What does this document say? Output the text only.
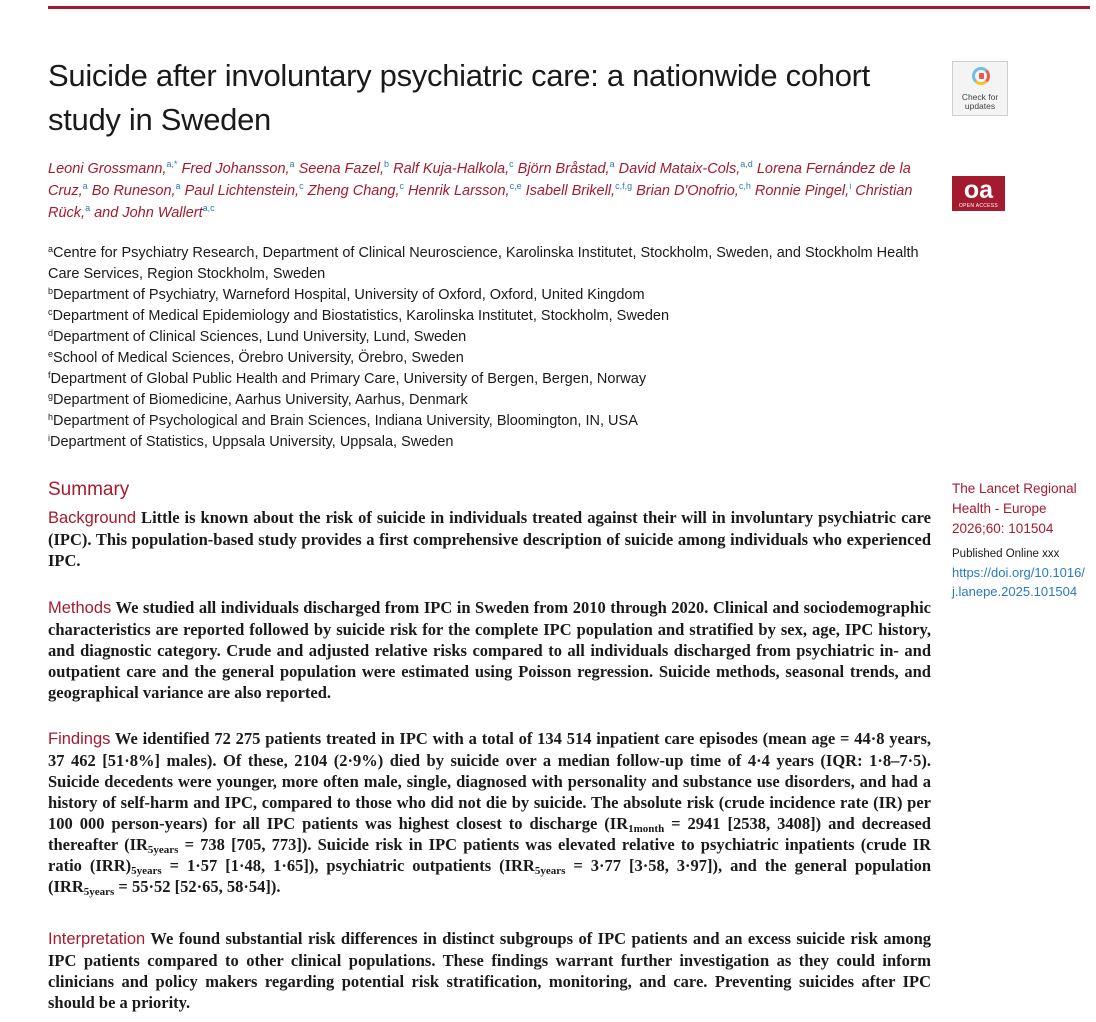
Suicide after involuntary psychiatric care: a nationwide cohort study in Sweden
Check for updates
oa
OPEN ACCESS

Leoni Grossmann,$^{a,*}$ Fred Johansson,$^a$ Seena Fazel,$^b$ Ralf Kuja-Halkola,$^c$ Björn Bråstad,$^a$ David Mataix-Cols,$^{a,d}$ Lorena Fernández de la Cruz,$^a$ Bo Runeson,$^a$ Paul Lichtenstein,$^c$ Zheng Chang,$^c$ Henrik Larsson,$^{c,e}$ Isabell Brikell,$^{c,f,g}$ Brian D'Onofrio,$^{c,h}$ Ronnie Pingel,$^i$ Christian Rück,$^a$ and John Wallert$^{a,c}$

$^a$Centre for Psychiatry Research, Department of Clinical Neuroscience, Karolinska Institutet, Stockholm, Sweden, and Stockholm Health Care Services, Region Stockholm, Sweden
$^b$Department of Psychiatry, Warneford Hospital, University of Oxford, Oxford, United Kingdom
$^c$Department of Medical Epidemiology and Biostatistics, Karolinska Institutet, Stockholm, Sweden
$^d$Department of Clinical Sciences, Lund University, Lund, Sweden
$^e$School of Medical Sciences, Örebro University, Örebro, Sweden
$^f$Department of Global Public Health and Primary Care, University of Bergen, Bergen, Norway
$^g$Department of Biomedicine, Aarhus University, Aarhus, Denmark
$^h$Department of Psychological and Brain Sciences, Indiana University, Bloomington, IN, USA
$^i$Department of Statistics, Uppsala University, Uppsala, Sweden
Summary

Background Little is known about the risk of suicide in individuals treated against their will in involuntary psychiatric care (IPC). This population-based study provides a first comprehensive description of suicide among individuals who experienced IPC.

Methods We studied all individuals discharged from IPC in Sweden from 2010 through 2020. Clinical and sociodemographic characteristics are reported followed by suicide risk for the complete IPC population and stratified by sex, age, IPC history, and diagnostic category. Crude and adjusted relative risks compared to all individuals discharged from psychiatric in- and outpatient care and the general population were estimated using Poisson regression. Suicide methods, seasonal trends, and geographical variance are also reported.

Findings We identified 72 275 patients treated in IPC with a total of 134 514 inpatient care episodes (mean age = 44·8 years, 37 462 [51·8%] males). Of these, 2104 (2·9%) died by suicide over a median follow-up time of 4·4 years (IQR: 1·8–7·5). Suicide decedents were younger, more often male, single, diagnosed with personality and substance use disorders, and had a history of self-harm and IPC, compared to those who did not die by suicide. The absolute risk (crude incidence rate (IR) per 100 000 person-years) for all IPC patients was highest closest to discharge ($IR_{1month} = 2941$ [2538, 3408]) and decreased thereafter ($IR_{5years} = 738$ [705, 773]). Suicide risk in IPC patients was elevated relative to psychiatric inpatients (crude IR ratio $(IRR)_{5years} = 1\cdot 57$ [1·48, 1·65]), psychiatric outpatients ($IRR_{5years} = 3\cdot 77$ [3·58, 3·97]), and the general population ($IRR_{5years} = 55\cdot 52$ [52·65, 58·54]).

Interpretation We found substantial risk differences in distinct subgroups of IPC patients and an excess suicide risk among IPC patients compared to other clinical populations. These findings warrant further investigation as they could inform clinicians and policy makers regarding potential risk stratification, monitoring, and care. Preventing suicides after IPC should be a priority.

The Lancet Regional Health - Europe 2026;60: 101504
Published Online xxx
https://doi.org/10.1016/j.lanepe.2025.101504
